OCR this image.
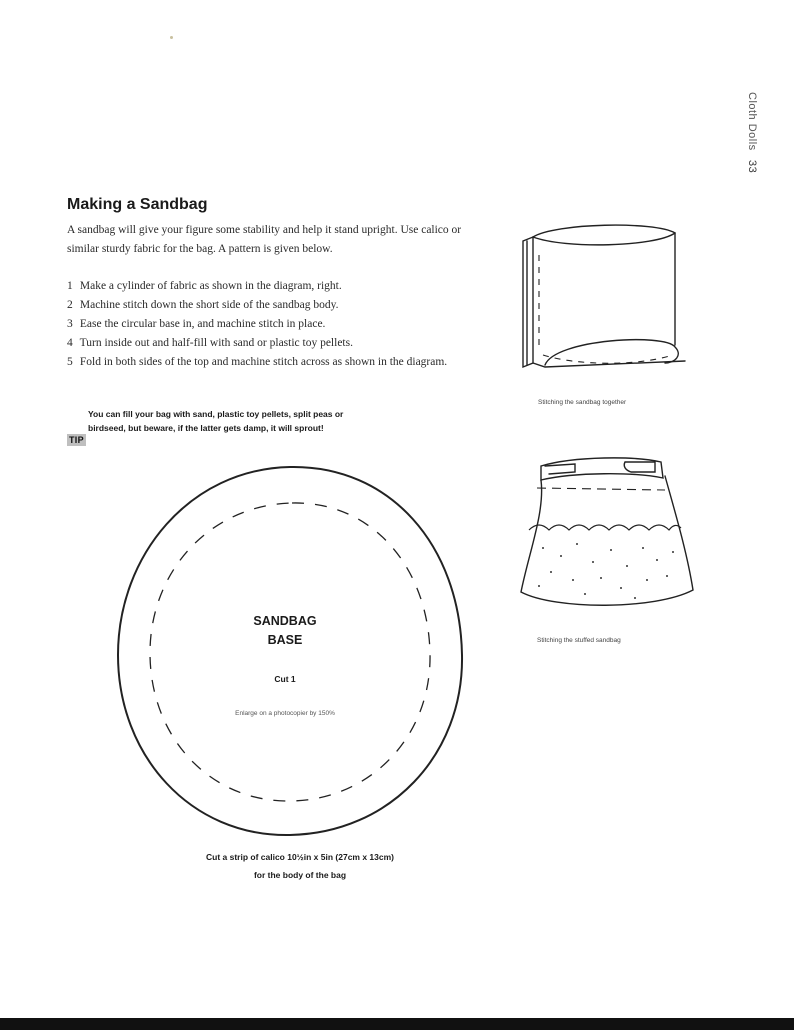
Cloth Dolls 33
Making a Sandbag

A sandbag will give your figure some stability and help it stand upright. Use calico or similar sturdy fabric for the bag. A pattern is given below.

1 Make a cylinder of fabric as shown in the diagram, right.
2 Machine stitch down the short side of the sandbag body.
3 Ease the circular base in, and machine stitch in place.
4 Turn inside out and half-fill with sand or plastic toy pellets.
5 Fold in both sides of the top and machine stitch across as shown in the diagram.
TIP

You can fill your bag with sand, plastic toy pellets, split peas or birdseed, but beware, if the latter gets damp, it will sprout!

Stitching the sandbag together
Stitching the stuffed sandbag
SANDBAG
BASE
Cut 1
Enlarge on a photocopier by 150%
Cut a strip of calico 10½in x 5in (27cm x 13cm)
for the body of the bag
